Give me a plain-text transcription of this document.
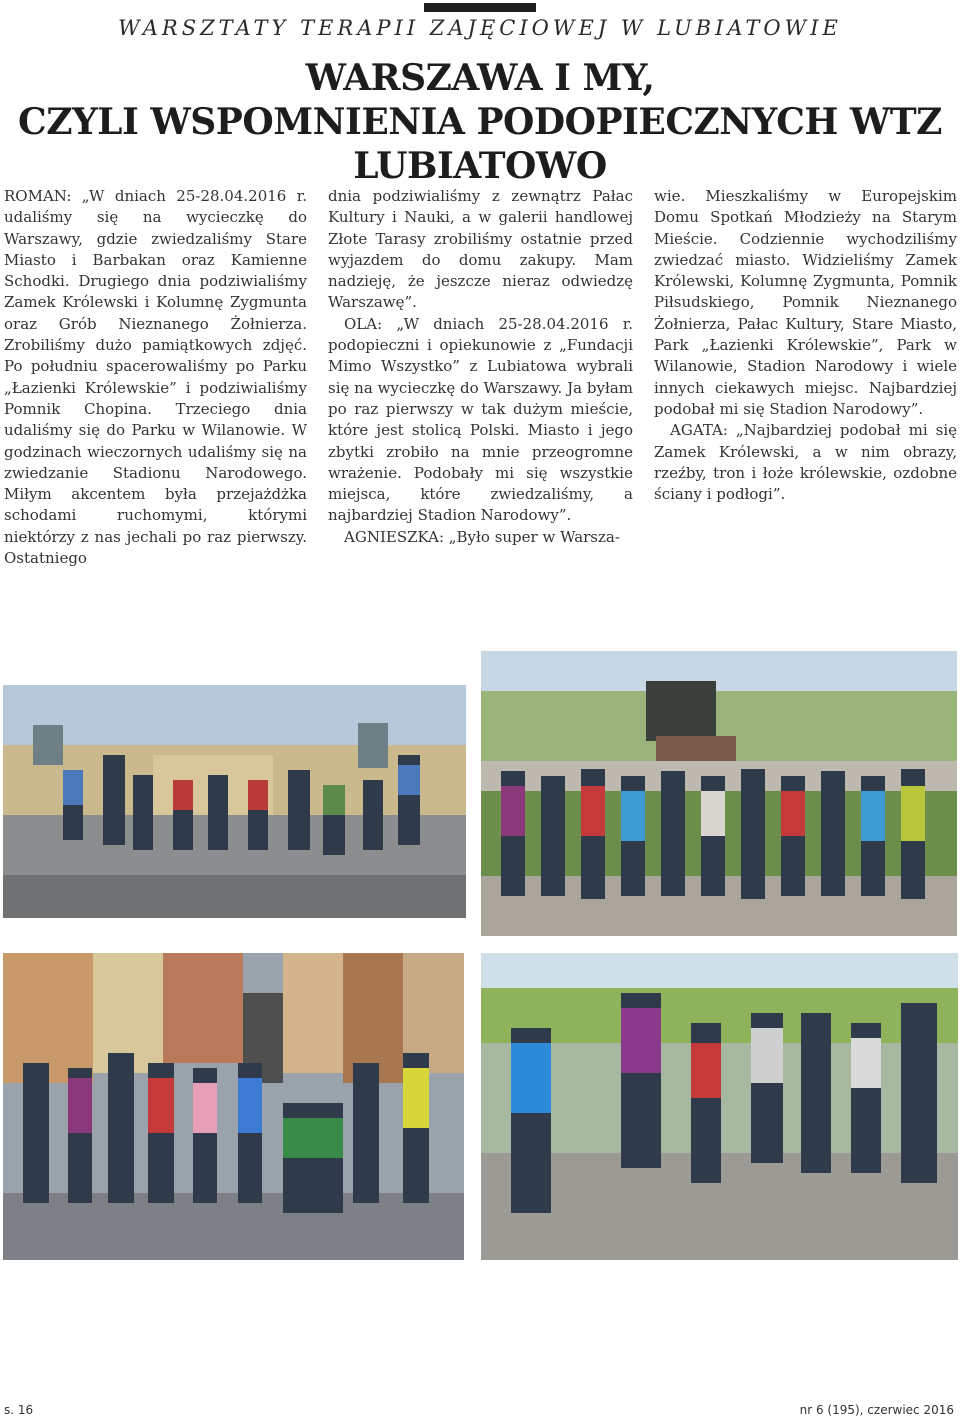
WARSZTATY TERAPII ZAJĘCIOWEJ W LUBIATOWIE
WARSZAWA I MY,
CZYLI WSPOMNIENIA PODOPIECZNYCH WTZ
LUBIATOWO

ROMAN: „W dniach 25-28.04.2016 r. udaliśmy się na wycieczkę do Warszawy, gdzie zwiedzaliśmy Stare Miasto i Barbakan oraz Kamienne Schodki. Drugiego dnia podziwialiśmy Zamek Królewski i Kolumnę Zygmunta oraz Grób Nieznanego Żołnierza. Zrobiliśmy dużo pamiątkowych zdjęć. Po południu spacerowaliśmy po Parku „Łazienki Królewskie” i podziwialiśmy Pomnik Chopina. Trzeciego dnia udaliśmy się do Parku w Wilanowie. W godzinach wieczornych udaliśmy się na zwiedzanie Stadionu Narodowego. Miłym akcentem była przejażdżka schodami ruchomymi, którymi niektórzy z nas jechali po raz pierwszy. Ostatniego

dnia podziwialiśmy z zewnątrz Pałac Kultury i Nauki, a w galerii handlowej Złote Tarasy zrobiliśmy ostatnie przed wyjazdem do domu zakupy. Mam nadzieję, że jeszcze nieraz odwiedzę Warszawę”.

OLA: „W dniach 25-28.04.2016 r. podopieczni i opiekunowie z „Fundacji Mimo Wszystko” z Lubiatowa wybrali się na wycieczkę do Warszawy. Ja byłam po raz pierwszy w tak dużym mieście, które jest stolicą Polski. Miasto i jego zbytki zrobiło na mnie przeogromne wrażenie. Podobały mi się wszystkie miejsca, które zwiedzaliśmy, a najbardziej Stadion Narodowy”.

AGNIESZKA: „Było super w Warsza-

wie. Mieszkaliśmy w Europejskim Domu Spotkań Młodzieży na Starym Mieście. Codziennie wychodziliśmy zwiedzać miasto. Widzieliśmy Zamek Królewski, Kolumnę Zygmunta, Pomnik Piłsudskiego, Pomnik Nieznanego Żołnierza, Pałac Kultury, Stare Miasto, Park „Łazienki Królewskie”, Park w Wilanowie, Stadion Narodowy i wiele innych ciekawych miejsc. Najbardziej podobał mi się Stadion Narodowy”.

AGATA: „Najbardziej podobał mi się Zamek Królewski, a w nim obrazy, rzeźby, tron i łoże królewskie, ozdobne ściany i podłogi”.

s. 16	nr 6 (195), czerwiec 2016
